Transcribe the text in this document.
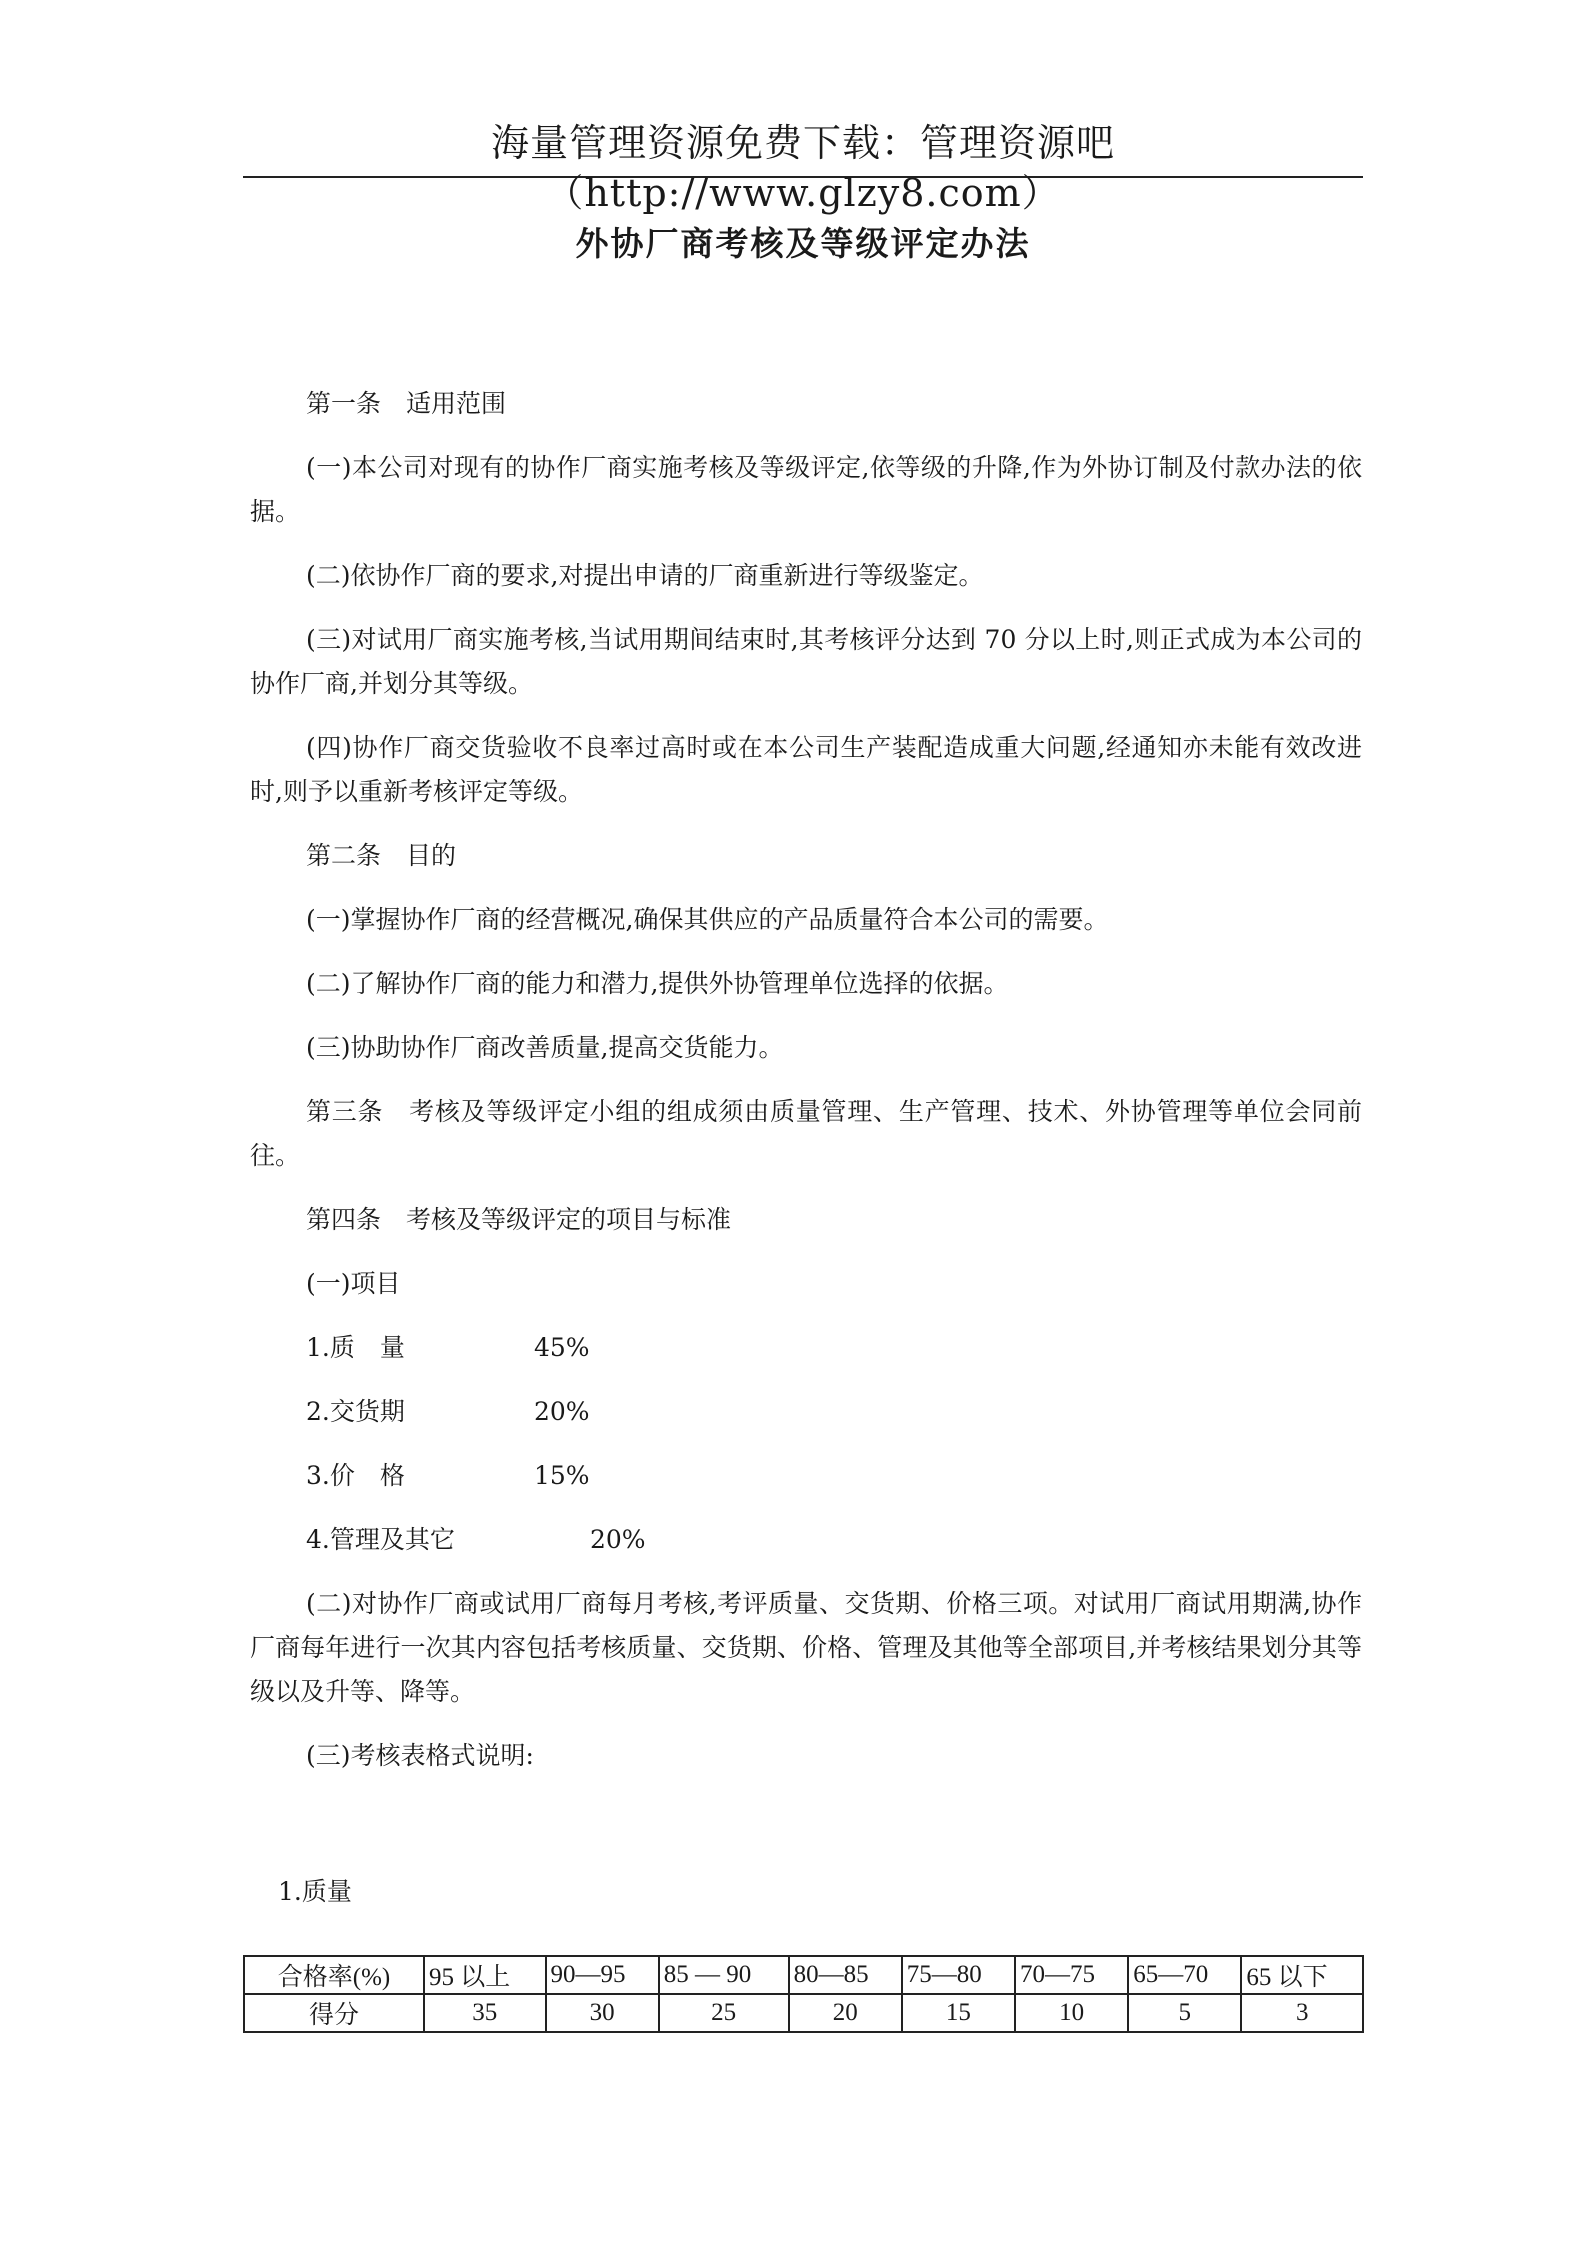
海量管理资源免费下载：管理资源吧（http://www.glzy8.com）
外协厂商考核及等级评定办法

第一条　适用范围

(一)本公司对现有的协作厂商实施考核及等级评定,依等级的升降,作为外协订制及付款办法的依据。

(二)依协作厂商的要求,对提出申请的厂商重新进行等级鉴定。

(三)对试用厂商实施考核,当试用期间结束时,其考核评分达到 70 分以上时,则正式成为本公司的协作厂商,并划分其等级。

(四)协作厂商交货验收不良率过高时或在本公司生产装配造成重大问题,经通知亦未能有效改进时,则予以重新考核评定等级。

第二条　目的

(一)掌握协作厂商的经营概况,确保其供应的产品质量符合本公司的需要。

(二)了解协作厂商的能力和潜力,提供外协管理单位选择的依据。

(三)协助协作厂商改善质量,提高交货能力。

第三条　考核及等级评定小组的组成须由质量管理、生产管理、技术、外协管理等单位会同前往。

第四条　考核及等级评定的项目与标准

(一)项目

1.质　量	45%
2.交货期	20%
3.价　格	15%
4.管理及其它	20%

(二)对协作厂商或试用厂商每月考核,考评质量、交货期、价格三项。对试用厂商试用期满,协作厂商每年进行一次其内容包括考核质量、交货期、价格、管理及其他等全部项目,并考核结果划分其等级以及升等、降等。

(三)考核表格式说明:

1.质量
合格率(%)	95 以上	90—95	85 — 90	80—85	75—80	70—75	65—70	65 以下
得分	35	30	25	20	15	10	5	3
